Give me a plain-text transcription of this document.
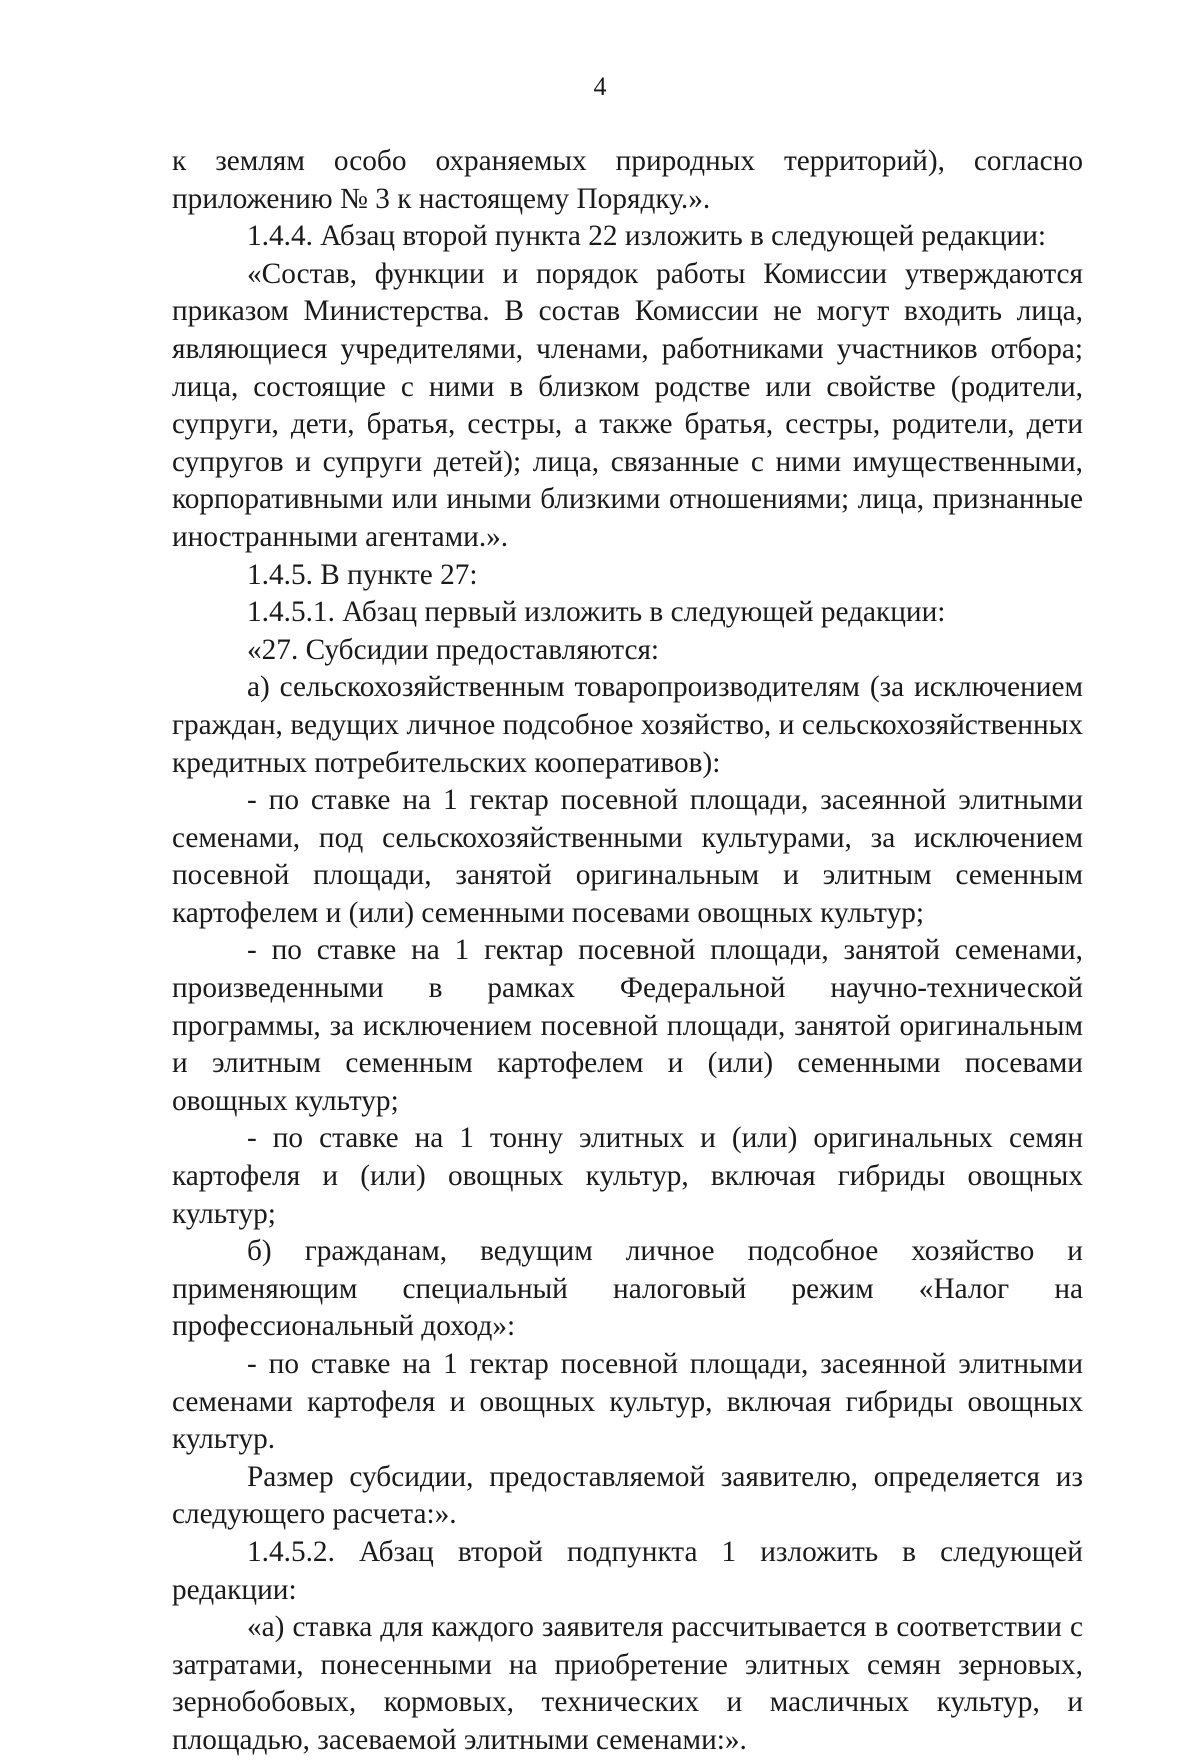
4

к землям особо охраняемых природных территорий), согласно приложению № 3 к настоящему Порядку.».

1.4.4. Абзац второй пункта 22 изложить в следующей редакции:

«Состав, функции и порядок работы Комиссии утверждаются приказом Министерства. В состав Комиссии не могут входить лица, являющиеся учредителями, членами, работниками участников отбора; лица, состоящие с ними в близком родстве или свойстве (родители, супруги, дети, братья, сестры, а также братья, сестры, родители, дети супругов и супруги детей); лица, связанные с ними имущественными, корпоративными или иными близкими отношениями; лица, признанные иностранными агентами.».

1.4.5. В пункте 27:

1.4.5.1. Абзац первый изложить в следующей редакции:

«27. Субсидии предоставляются:

а) сельскохозяйственным товаропроизводителям (за исключением граждан, ведущих личное подсобное хозяйство, и сельскохозяйственных кредитных потребительских кооперативов):

- по ставке на 1 гектар посевной площади, засеянной элитными семенами, под сельскохозяйственными культурами, за исключением посевной площади, занятой оригинальным и элитным семенным картофелем и (или) семенными посевами овощных культур;

- по ставке на 1 гектар посевной площади, занятой семенами, произведенными в рамках Федеральной научно-технической программы, за исключением посевной площади, занятой оригинальным и элитным семенным картофелем и (или) семенными посевами овощных культур;

- по ставке на 1 тонну элитных и (или) оригинальных семян картофеля и (или) овощных культур, включая гибриды овощных культур;

б) гражданам, ведущим личное подсобное хозяйство и применяющим специальный налоговый режим «Налог на профессиональный доход»:

- по ставке на 1 гектар посевной площади, засеянной элитными семенами картофеля и овощных культур, включая гибриды овощных культур.

Размер субсидии, предоставляемой заявителю, определяется из следующего расчета:».

1.4.5.2. Абзац второй подпункта 1 изложить в следующей редакции:

«а) ставка для каждого заявителя рассчитывается в соответствии с затратами, понесенными на приобретение элитных семян зерновых, зернобобовых, кормовых, технических и масличных культур, и площадью, засеваемой элитными семенами:».
